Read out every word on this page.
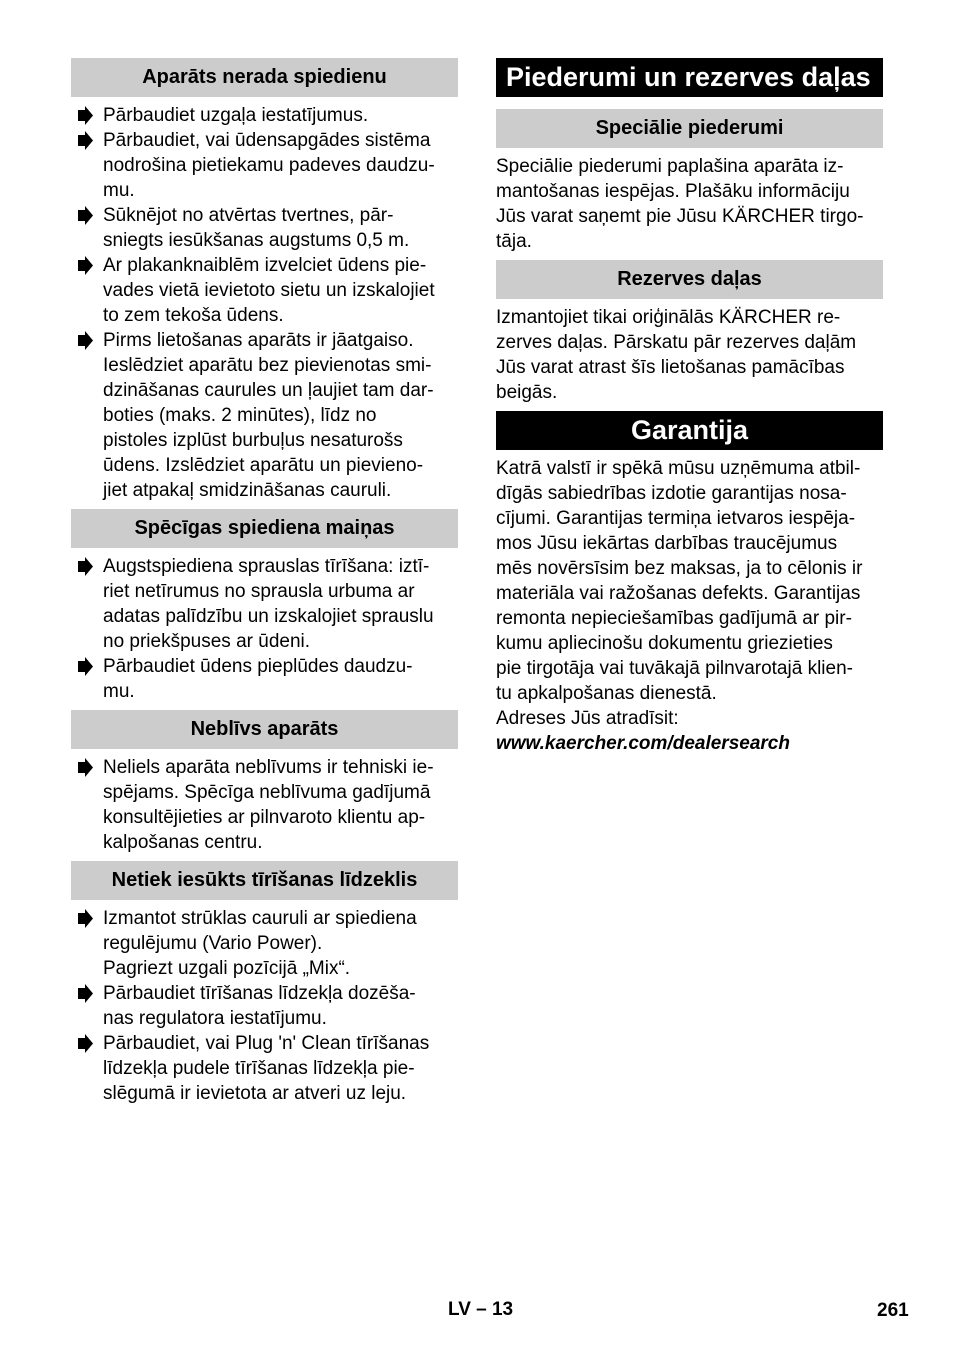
Aparāts nerada spiedienu
Pārbaudiet uzgaļa iestatījumus.
Pārbaudiet, vai ūdensapgādes sistēma
nodrošina pietiekamu padeves daudzu-
mu.
Sūknējot no atvērtas tvertnes, pār-
sniegts iesūkšanas augstums 0,5 m.
Ar plakanknaiblēm izvelciet ūdens pie-
vades vietā ievietoto sietu un izskalojiet
to zem tekoša ūdens.
Pirms lietošanas aparāts ir jāatgaiso.
Ieslēdziet aparātu bez pievienotas smi-
dzināšanas caurules un ļaujiet tam dar-
boties (maks. 2 minūtes), līdz no
pistoles izplūst burbuļus nesaturošs
ūdens. Izslēdziet aparātu un pievieno-
jiet atpakaļ smidzināšanas cauruli.
Spēcīgas spiediena maiņas
Augstspiediena sprauslas tīrīšana: iztī-
riet netīrumus no sprausla urbuma ar
adatas palīdzību un izskalojiet sprauslu
no priekšpuses ar ūdeni.
Pārbaudiet ūdens pieplūdes daudzu-
mu.
Neblīvs aparāts
Neliels aparāta neblīvums ir tehniski ie-
spējams. Spēcīga neblīvuma gadījumā
konsultējieties ar pilnvaroto klientu ap-
kalpošanas centru.
Netiek iesūkts tīrīšanas līdzeklis
Izmantot strūklas cauruli ar spiediena
regulējumu (Vario Power).
Pagriezt uzgali pozīcijā „Mix“.
Pārbaudiet tīrīšanas līdzekļa dozēša-
nas regulatora iestatījumu.
Pārbaudiet, vai Plug 'n' Clean tīrīšanas
līdzekļa pudele tīrīšanas līdzekļa pie-
slēgumā ir ievietota ar atveri uz leju.
Piederumi un rezerves daļas
Speciālie piederumi
Speciālie piederumi paplašina aparāta iz-
mantošanas iespējas. Plašāku informāciju
Jūs varat saņemt pie Jūsu KÄRCHER tirgo-
tāja.
Rezerves daļas
Izmantojiet tikai oriģinālās KÄRCHER re-
zerves daļas. Pārskatu pār rezerves daļām
Jūs varat atrast šīs lietošanas pamācības
beigās.
Garantija
Katrā valstī ir spēkā mūsu uzņēmuma atbil-
dīgās sabiedrības izdotie garantijas nosa-
cījumi. Garantijas termiņa ietvaros iespēja-
mos Jūsu iekārtas darbības traucējumus
mēs novērsīsim bez maksas, ja to cēlonis ir
materiāla vai ražošanas defekts. Garantijas
remonta nepieciešamības gadījumā ar pir-
kumu apliecinošu dokumentu griezieties
pie tirgotāja vai tuvākajā pilnvarotajā klien-
tu apkalpošanas dienestā.
Adreses Jūs atradīsit:
www.kaercher.com/dealersearch
LV – 13	261
